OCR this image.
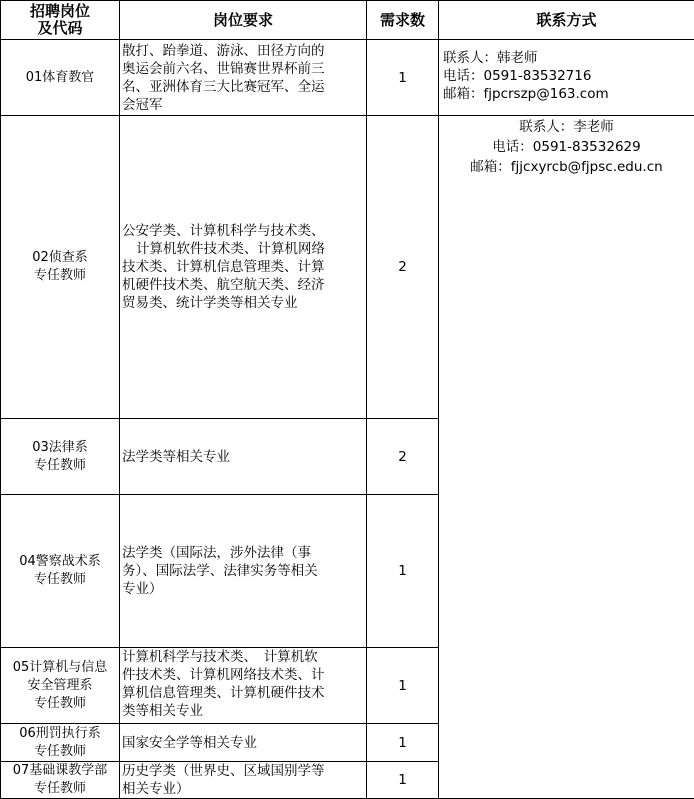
招聘岗位
及代码	岗位要求	需求数	联系方式

01体育教官	散打、跆拳道、游泳、田径方向的
奥运会前六名、世锦赛世界杯前三
名、亚洲体育三大比赛冠军、全运
会冠军	1	联系人：韩老师
电话：0591-83532716
邮箱：fjpcrszp@163.com

02侦查系
专任教师	公安学类、计算机科学与技术类、
计算机软件技术类、计算机网络
技术类、计算机信息管理类、计算
机硬件技术类、航空航天类、经济
贸易类、统计学类等相关专业	2	联系人：李老师
电话：0591-83532629
邮箱：fjjcxyrcb@fjpsc.edu.cn

03法律系
专任教师	法学类等相关专业	2	

04警察战术系
专任教师	法学类（国际法，涉外法律（事
务）、国际法学、法律实务等相关
专业）	1	

05计算机与信息
安全管理系
专任教师	计算机科学与技术类、　计算机软
件技术类、计算机网络技术类、计
算机信息管理类、计算机硬件技术
类等相关专业	1	

06刑罚执行系
专任教师	国家安全学等相关专业	1	

07基础课教学部
专任教师	历史学类（世界史、区域国别学等
相关专业）	1	
